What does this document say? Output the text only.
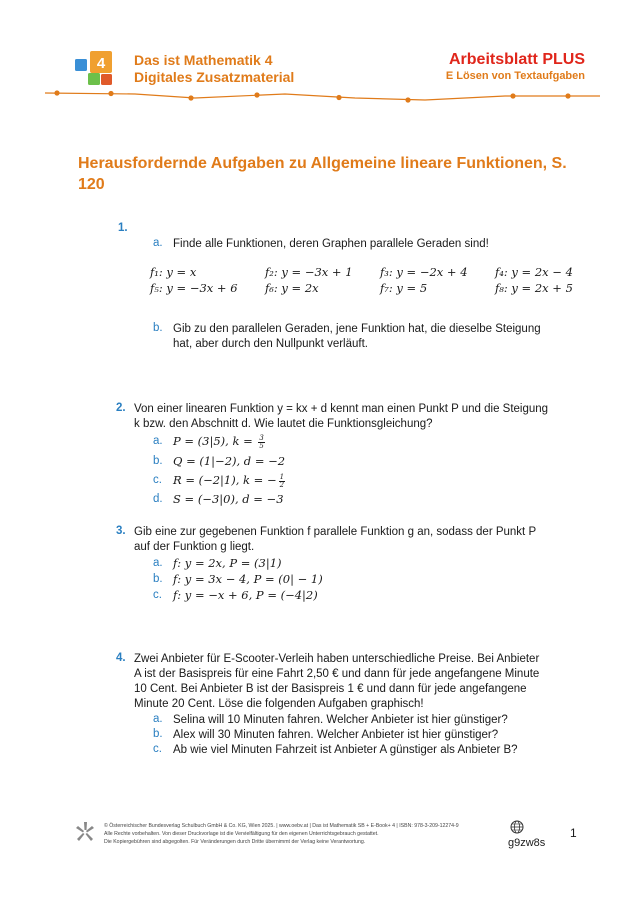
4 Das ist Mathematik 4
Digitales Zusatzmaterial
Arbeitsblatt PLUS
E Lösen von Textaufgaben
Herausfordernde Aufgaben zu Allgemeine lineare Funktionen, S. 120
1.
a. Finde alle Funktionen, deren Graphen parallele Geraden sind!
f₁: y = x	f₂: y = −3x + 1	f₃: y = −2x + 4	f₄: y = 2x − 4
f₅: y = −3x + 6	f₆: y = 2x	f₇: y = 5	f₈: y = 2x + 5
b. Gib zu den parallelen Geraden, jene Funktion hat, die dieselbe Steigung
hat, aber durch den Nullpunkt verläuft.
2. Von einer linearen Funktion y = kx + d kennt man einen Punkt P und die Steigung
k bzw. den Abschnitt d. Wie lautet die Funktionsgleichung?
a. P = (3|5), $k = \frac{3}{5}$
b. Q = (1|−2), d = −2
c. R = (−2|1), k = − $\frac{1}{2}$
d. S = (−3|0), d = −3
3. Gib eine zur gegebenen Funktion f parallele Funktion g an, sodass der Punkt P
auf der Funktion g liegt.
a. f: y = 2x, P = (3|1)
b. f: y = 3x − 4, P = (0| − 1)
c. f: y = −x + 6, P = (−4|2)
4. Zwei Anbieter für E-Scooter-Verleih haben unterschiedliche Preise. Bei Anbieter
A ist der Basispreis für eine Fahrt 2,50 € und dann für jede angefangene Minute
10 Cent. Bei Anbieter B ist der Basispreis 1 € und dann für jede angefangene
Minute 20 Cent. Löse die folgenden Aufgaben graphisch!
a. Selina will 10 Minuten fahren. Welcher Anbieter ist hier günstiger?
b. Alex will 30 Minuten fahren. Welcher Anbieter ist hier günstiger?
c. Ab wie viel Minuten Fahrzeit ist Anbieter A günstiger als Anbieter B?
© Österreichischer Bundesverlag Schulbuch GmbH & Co. KG, Wien 2025. | www.oebv.at | Das ist Mathematik SB + E-Book+ 4 | ISBN: 978-3-209-12274-9
Alle Rechte vorbehalten. Von dieser Druckvorlage ist die Vervielfältigung für den eigenen Unterrichtsgebrauch gestattet.
Die Kopiergebühren sind abgegolten. Für Veränderungen durch Dritte übernimmt der Verlag keine Verantwortung.	g9zw8s
1
